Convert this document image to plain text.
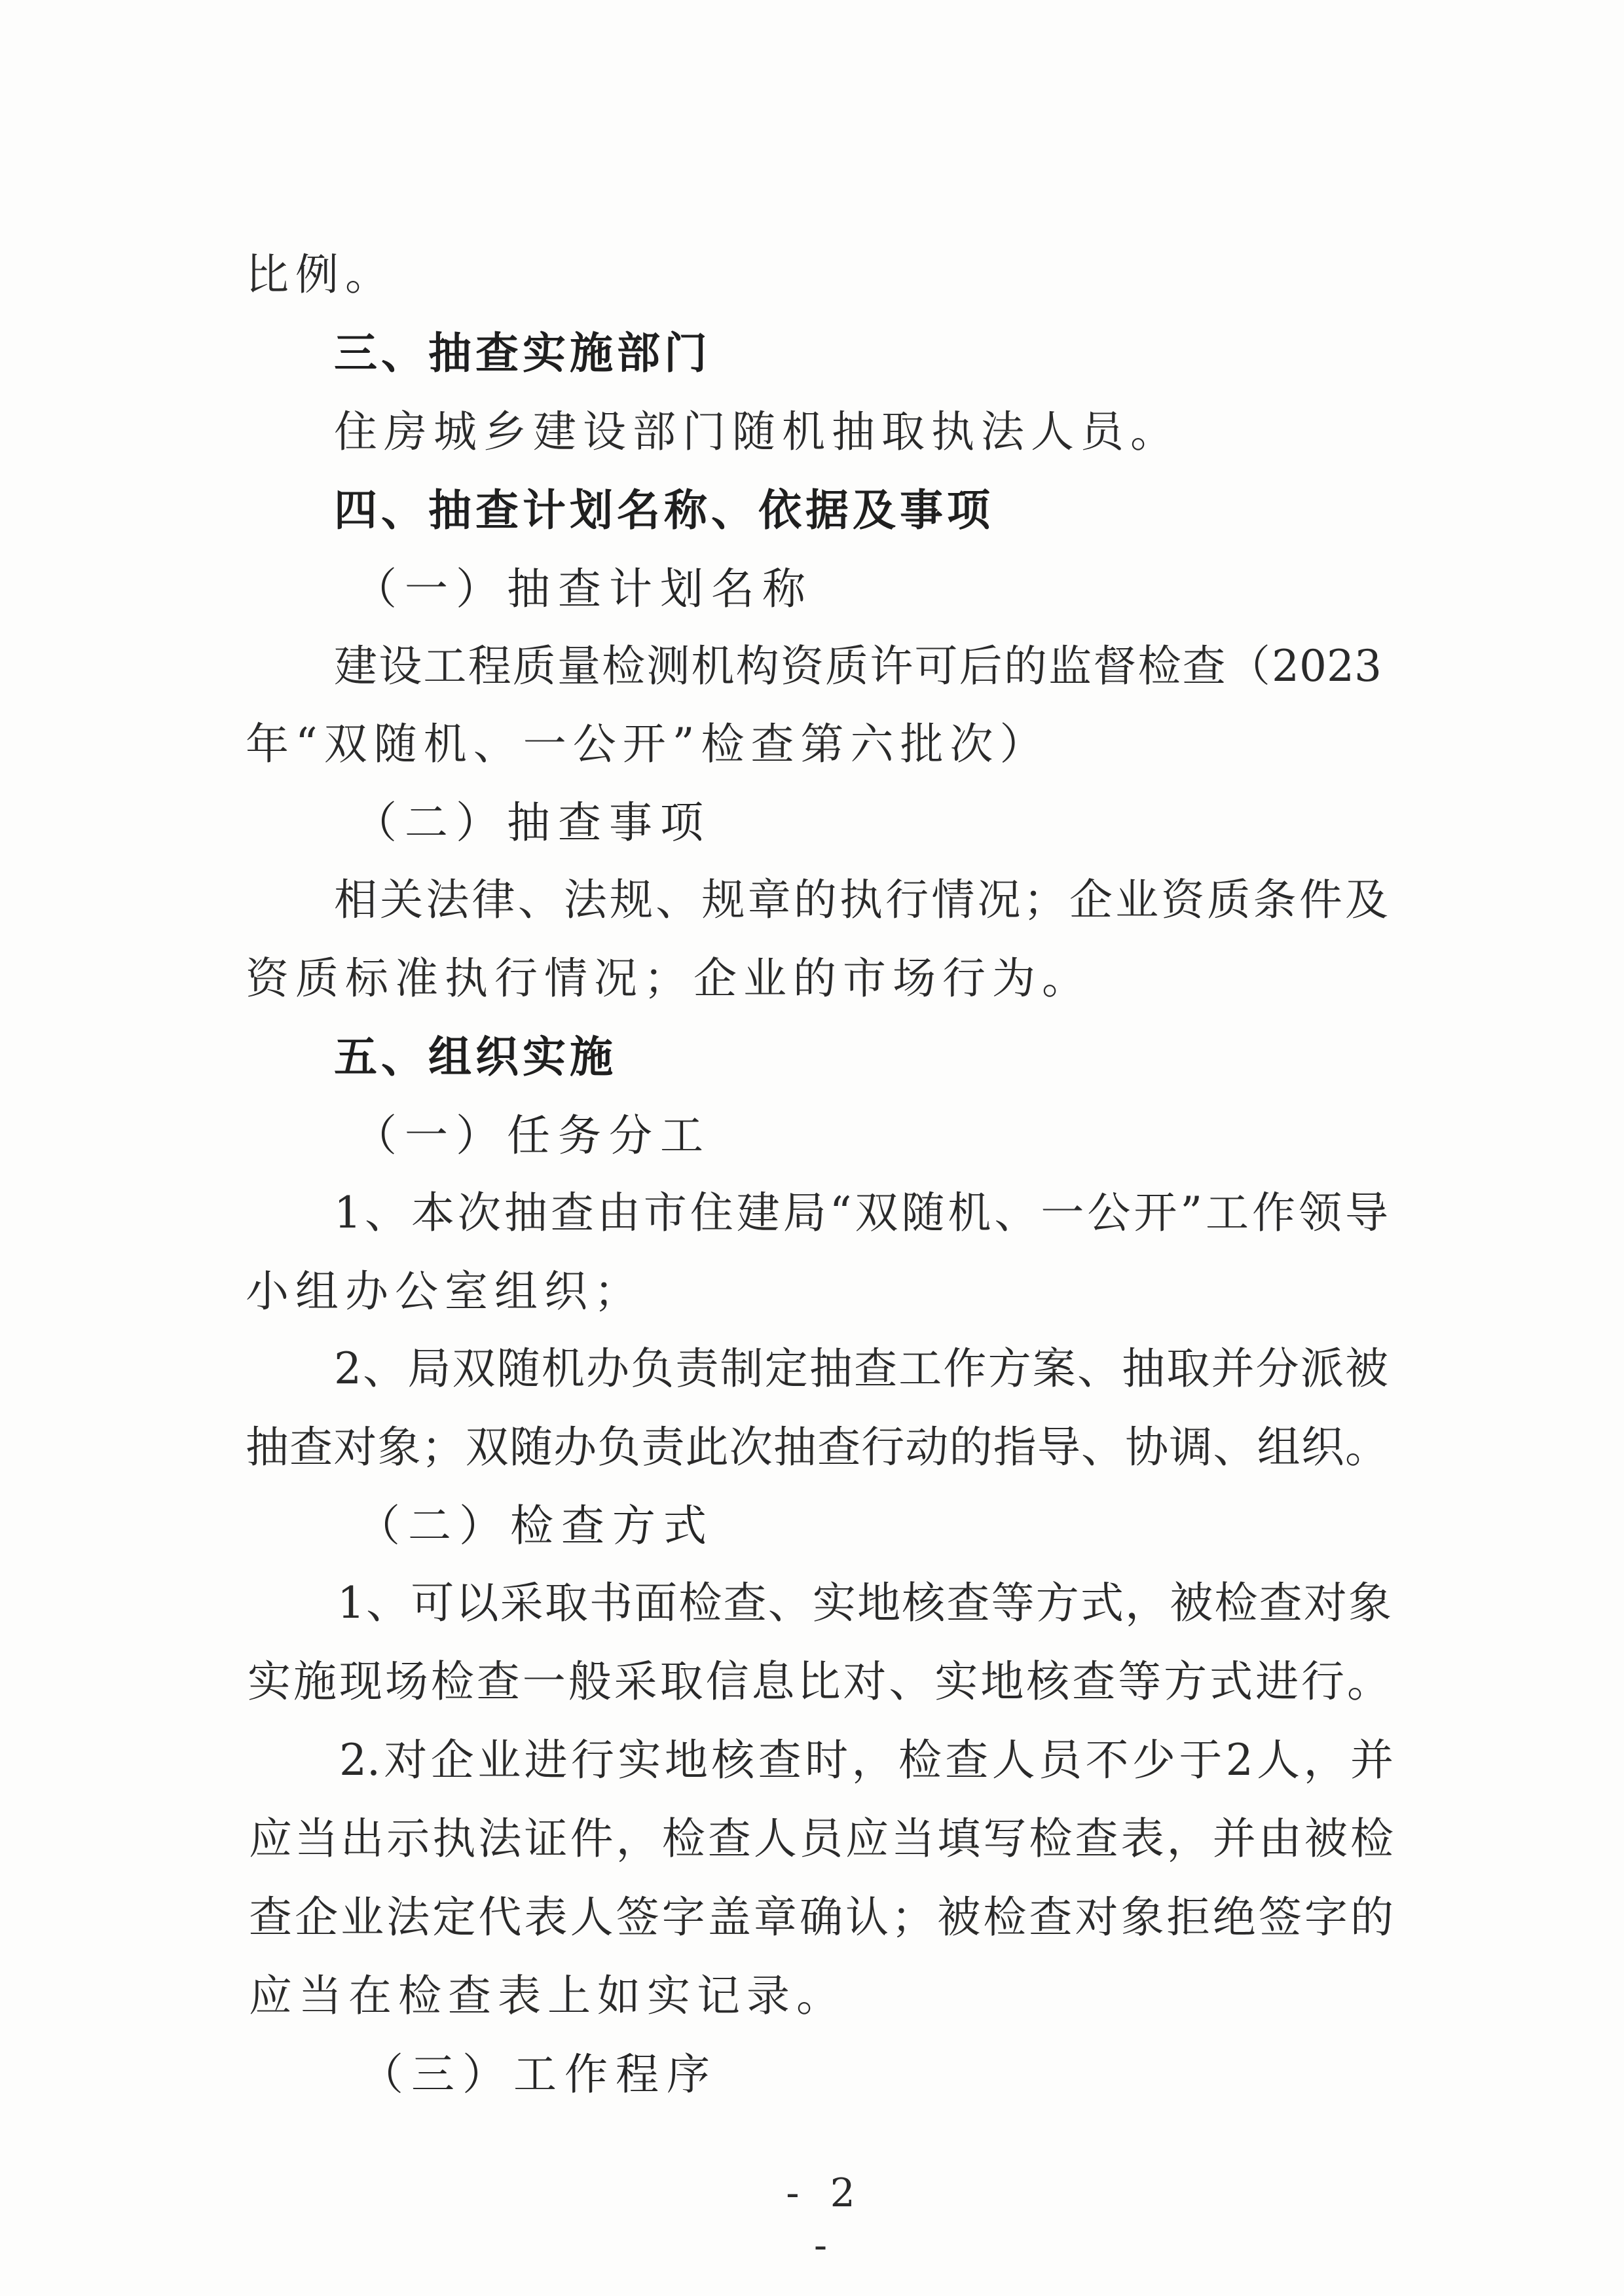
比例。
三、抽查实施部门
住房城乡建设部门随机抽取执法人员。
四、抽查计划名称、依据及事项
（一）抽查计划名称
建设工程质量检测机构资质许可后的监督检查（2023
年“双随机、一公开”检查第六批次）
（二）抽查事项
相关法律、法规、规章的执行情况；企业资质条件及
资质标准执行情况；企业的市场行为。
五、组织实施
（一）任务分工
1、本次抽查由市住建局“双随机、一公开”工作领导
小组办公室组织；
2、局双随机办负责制定抽查工作方案、抽取并分派被
抽查对象；双随办负责此次抽查行动的指导、协调、组织。
（二）检查方式
1、可以采取书面检查、实地核查等方式，被检查对象
实施现场检查一般采取信息比对、实地核查等方式进行。
2.对企业进行实地核查时，检查人员不少于2人，并
应当出示执法证件，检查人员应当填写检查表，并由被检
查企业法定代表人签字盖章确认；被检查对象拒绝签字的
应当在检查表上如实记录。
（三）工作程序
- 2 -
